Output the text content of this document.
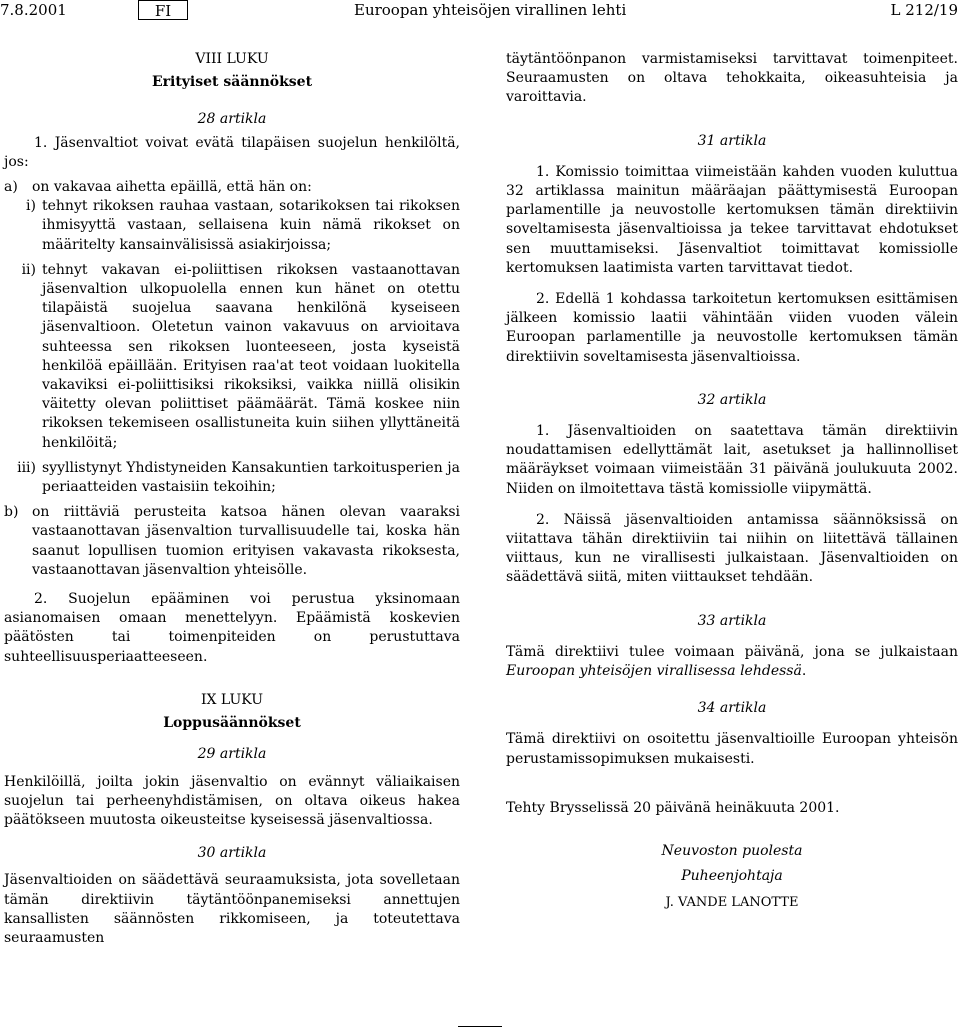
7.8.2001	FI	Euroopan yhteisöjen virallinen lehti	L 212/19

VIII LUKU

Erityiset säännökset

28 artikla

1. Jäsenvaltiot voivat evätä tilapäisen suojelun henkilöltä, jos:

a)	on vakavaa aihetta epäillä, että hän on:
i) tehnyt rikoksen rauhaa vastaan, sotarikoksen tai rikoksen ihmisyyttä vastaan, sellaisena kuin nämä rikokset on määritelty kansainvälisissä asiakirjoissa;
ii) tehnyt vakavan ei-poliittisen rikoksen vastaanottavan jäsenvaltion ulkopuolella ennen kun hänet on otettu tilapäistä suojelua saavana henkilönä kyseiseen jäsenvaltioon. Oletetun vainon vakavuus on arvioitava suhteessa sen rikoksen luonteeseen, josta kyseistä henkilöä epäillään. Erityisen raa'at teot voidaan luokitella vakaviksi ei-poliittisiksi rikoksiksi, vaikka niillä olisikin väitetty olevan poliittiset päämäärät. Tämä koskee niin rikoksen tekemiseen osallistuneita kuin siihen yllyttäneitä henkilöitä;
iii) syyllistynyt Yhdistyneiden Kansakuntien tarkoitusperien ja periaatteiden vastaisiin tekoihin;
b) on riittäviä perusteita katsoa hänen olevan vaaraksi vastaanottavan jäsenvaltion turvallisuudelle tai, koska hän saanut lopullisen tuomion erityisen vakavasta rikoksesta, vastaanottavan jäsenvaltion yhteisölle.

2. Suojelun epääminen voi perustua yksinomaan asianomaisen omaan menettelyyn. Epäämistä koskevien päätösten tai toimenpiteiden on perustuttava suhteellisuusperiaatteeseen.

IX LUKU

Loppusäännökset

29 artikla

Henkilöillä, joilta jokin jäsenvaltio on evännyt väliaikaisen suojelun tai perheenyhdistämisen, on oltava oikeus hakea päätökseen muutosta oikeusteitse kyseisessä jäsenvaltiossa.

30 artikla

Jäsenvaltioiden on säädettävä seuraamuksista, jota sovelletaan tämän direktiivin täytäntöönpanemiseksi annettujen kansallisten säännösten rikkomiseen, ja toteutettava seuraamusten

täytäntöönpanon varmistamiseksi tarvittavat toimenpiteet. Seuraamusten on oltava tehokkaita, oikeasuhteisia ja varoittavia.

31 artikla

1. Komissio toimittaa viimeistään kahden vuoden kuluttua 32 artiklassa mainitun määräajan päättymisestä Euroopan parlamentille ja neuvostolle kertomuksen tämän direktiivin soveltamisesta jäsenvaltioissa ja tekee tarvittavat ehdotukset sen muuttamiseksi. Jäsenvaltiot toimittavat komissiolle kertomuksen laatimista varten tarvittavat tiedot.

2. Edellä 1 kohdassa tarkoitetun kertomuksen esittämisen jälkeen komissio laatii vähintään viiden vuoden välein Euroopan parlamentille ja neuvostolle kertomuksen tämän direktiivin soveltamisesta jäsenvaltioissa.

32 artikla

1. Jäsenvaltioiden on saatettava tämän direktiivin noudattamisen edellyttämät lait, asetukset ja hallinnolliset määräykset voimaan viimeistään 31 päivänä joulukuuta 2002. Niiden on ilmoitettava tästä komissiolle viipymättä.

2. Näissä jäsenvaltioiden antamissa säännöksissä on viitattava tähän direktiiviin tai niihin on liitettävä tällainen viittaus, kun ne virallisesti julkaistaan. Jäsenvaltioiden on säädettävä siitä, miten viittaukset tehdään.

33 artikla

Tämä direktiivi tulee voimaan päivänä, jona se julkaistaan Euroopan yhteisöjen virallisessa lehdessä.

34 artikla

Tämä direktiivi on osoitettu jäsenvaltioille Euroopan yhteisön perustamissopimuksen mukaisesti.

Tehty Brysselissä 20 päivänä heinäkuuta 2001.

Neuvoston puolesta

Puheenjohtaja

J. VANDE LANOTTE
